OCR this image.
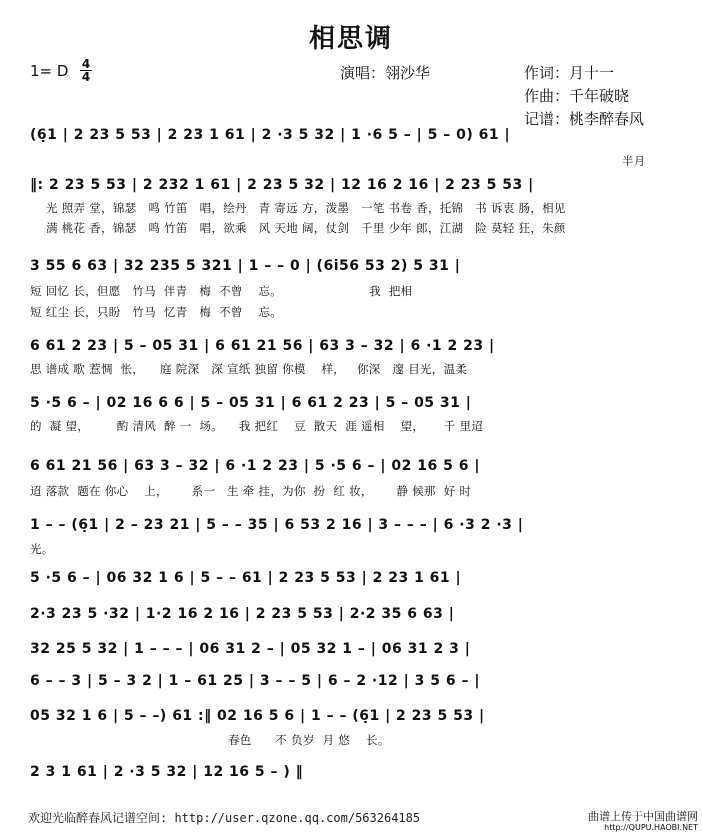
相思调
1= D 4
4	演唱：翎沙华	作词：月十一
作曲：千年破晓
记谱：桃李醉春风
(6̣1 | 2 23 5 53 | 2 23 1 61 | 2 ·3 5 32 | 1 ·6 5 – | 5 – 0) 61 |
半月
‖: 2 23 5 53 | 2 232 1 61 | 2 23 5 32 | 12 16 2 16 | 2 23 5 53 |
光 照弄 堂，锦瑟   鸣 竹笛   唱，绘丹   青 寄远 方，泼墨   一笔 书卷 香，托锦   书 诉衷 肠，相见
满 桃花 香，锦瑟   鸣 竹笛   唱，欲乘   风 天地 阔，仗剑   千里 少年 郎，江湖   险 莫轻 狂，朱颜
3 55 6 63 | 32 235 5 321 | 1 – – 0 | (6i56 53 2) 5 31 |
短 回忆 长，但愿   竹马  伴青   梅  不曾    忘。                      我  把相
短 红尘 长，只盼   竹马  忆青   梅  不曾    忘。
6 61 2 23 | 5 – 05 31 | 6 61 21 56 | 63 3 – 32 | 6 ·1 2 23 |
思 谱成 歌 惹惆  怅，    庭 院深   深 宣纸 独留 你模    样，   你深   邃 目光，温柔
5 ·5 6 – | 02 16 6 6 | 5 – 05 31 | 6 61 2 23 | 5 – 05 31 |
的  凝 望，       酌 清风  醉 一  场。    我 把红    豆  散天  涯 遥相    望，     千 里迢
6 61 21 56 | 63 3 – 32 | 6 ·1 2 23 | 5 ·5 6 – | 02 16 5 6 |
迢 落款  题在 你心    上，      系一   生 牵 挂，为你  扮  红 妆，      静 候那  好 时
1 – – (6̣1 | 2 – 23 21 | 5 – – 35 | 6 53 2 16 | 3 – – – | 6 ·3 2 ·3 |
光。
5 ·5 6 – | 06 32 1 6 | 5 – – 61 | 2 23 5 53 | 2 23 1 61 |
2·3 23 5 ·32 | 1·2 16 2 16 | 2 23 5 53 | 2·2 35 6 63 |
32 25 5 32 | 1 – – – | 06 31 2 – | 05 32 1 – | 06 31 2 3 |
6 – – 3 | 5 – 3 2 | 1 – 61 25 | 3 – – 5 | 6 – 2 ·12 | 3 5 6 – |
05 32 1 6 | 5 – –) 61 :‖ 02 16 5 6 | 1 – – (6̣1 | 2 23 5 53 |
春色      不 负岁  月 悠    长。
2 3 1 61 | 2 ·3 5 32 | 12 16 5 – ) ‖
欢迎光临醉春风记谱空间: http://user.qzone.qq.com/563264185	曲谱上传于中国曲谱网
http://QUPU.HAOBI.NET
